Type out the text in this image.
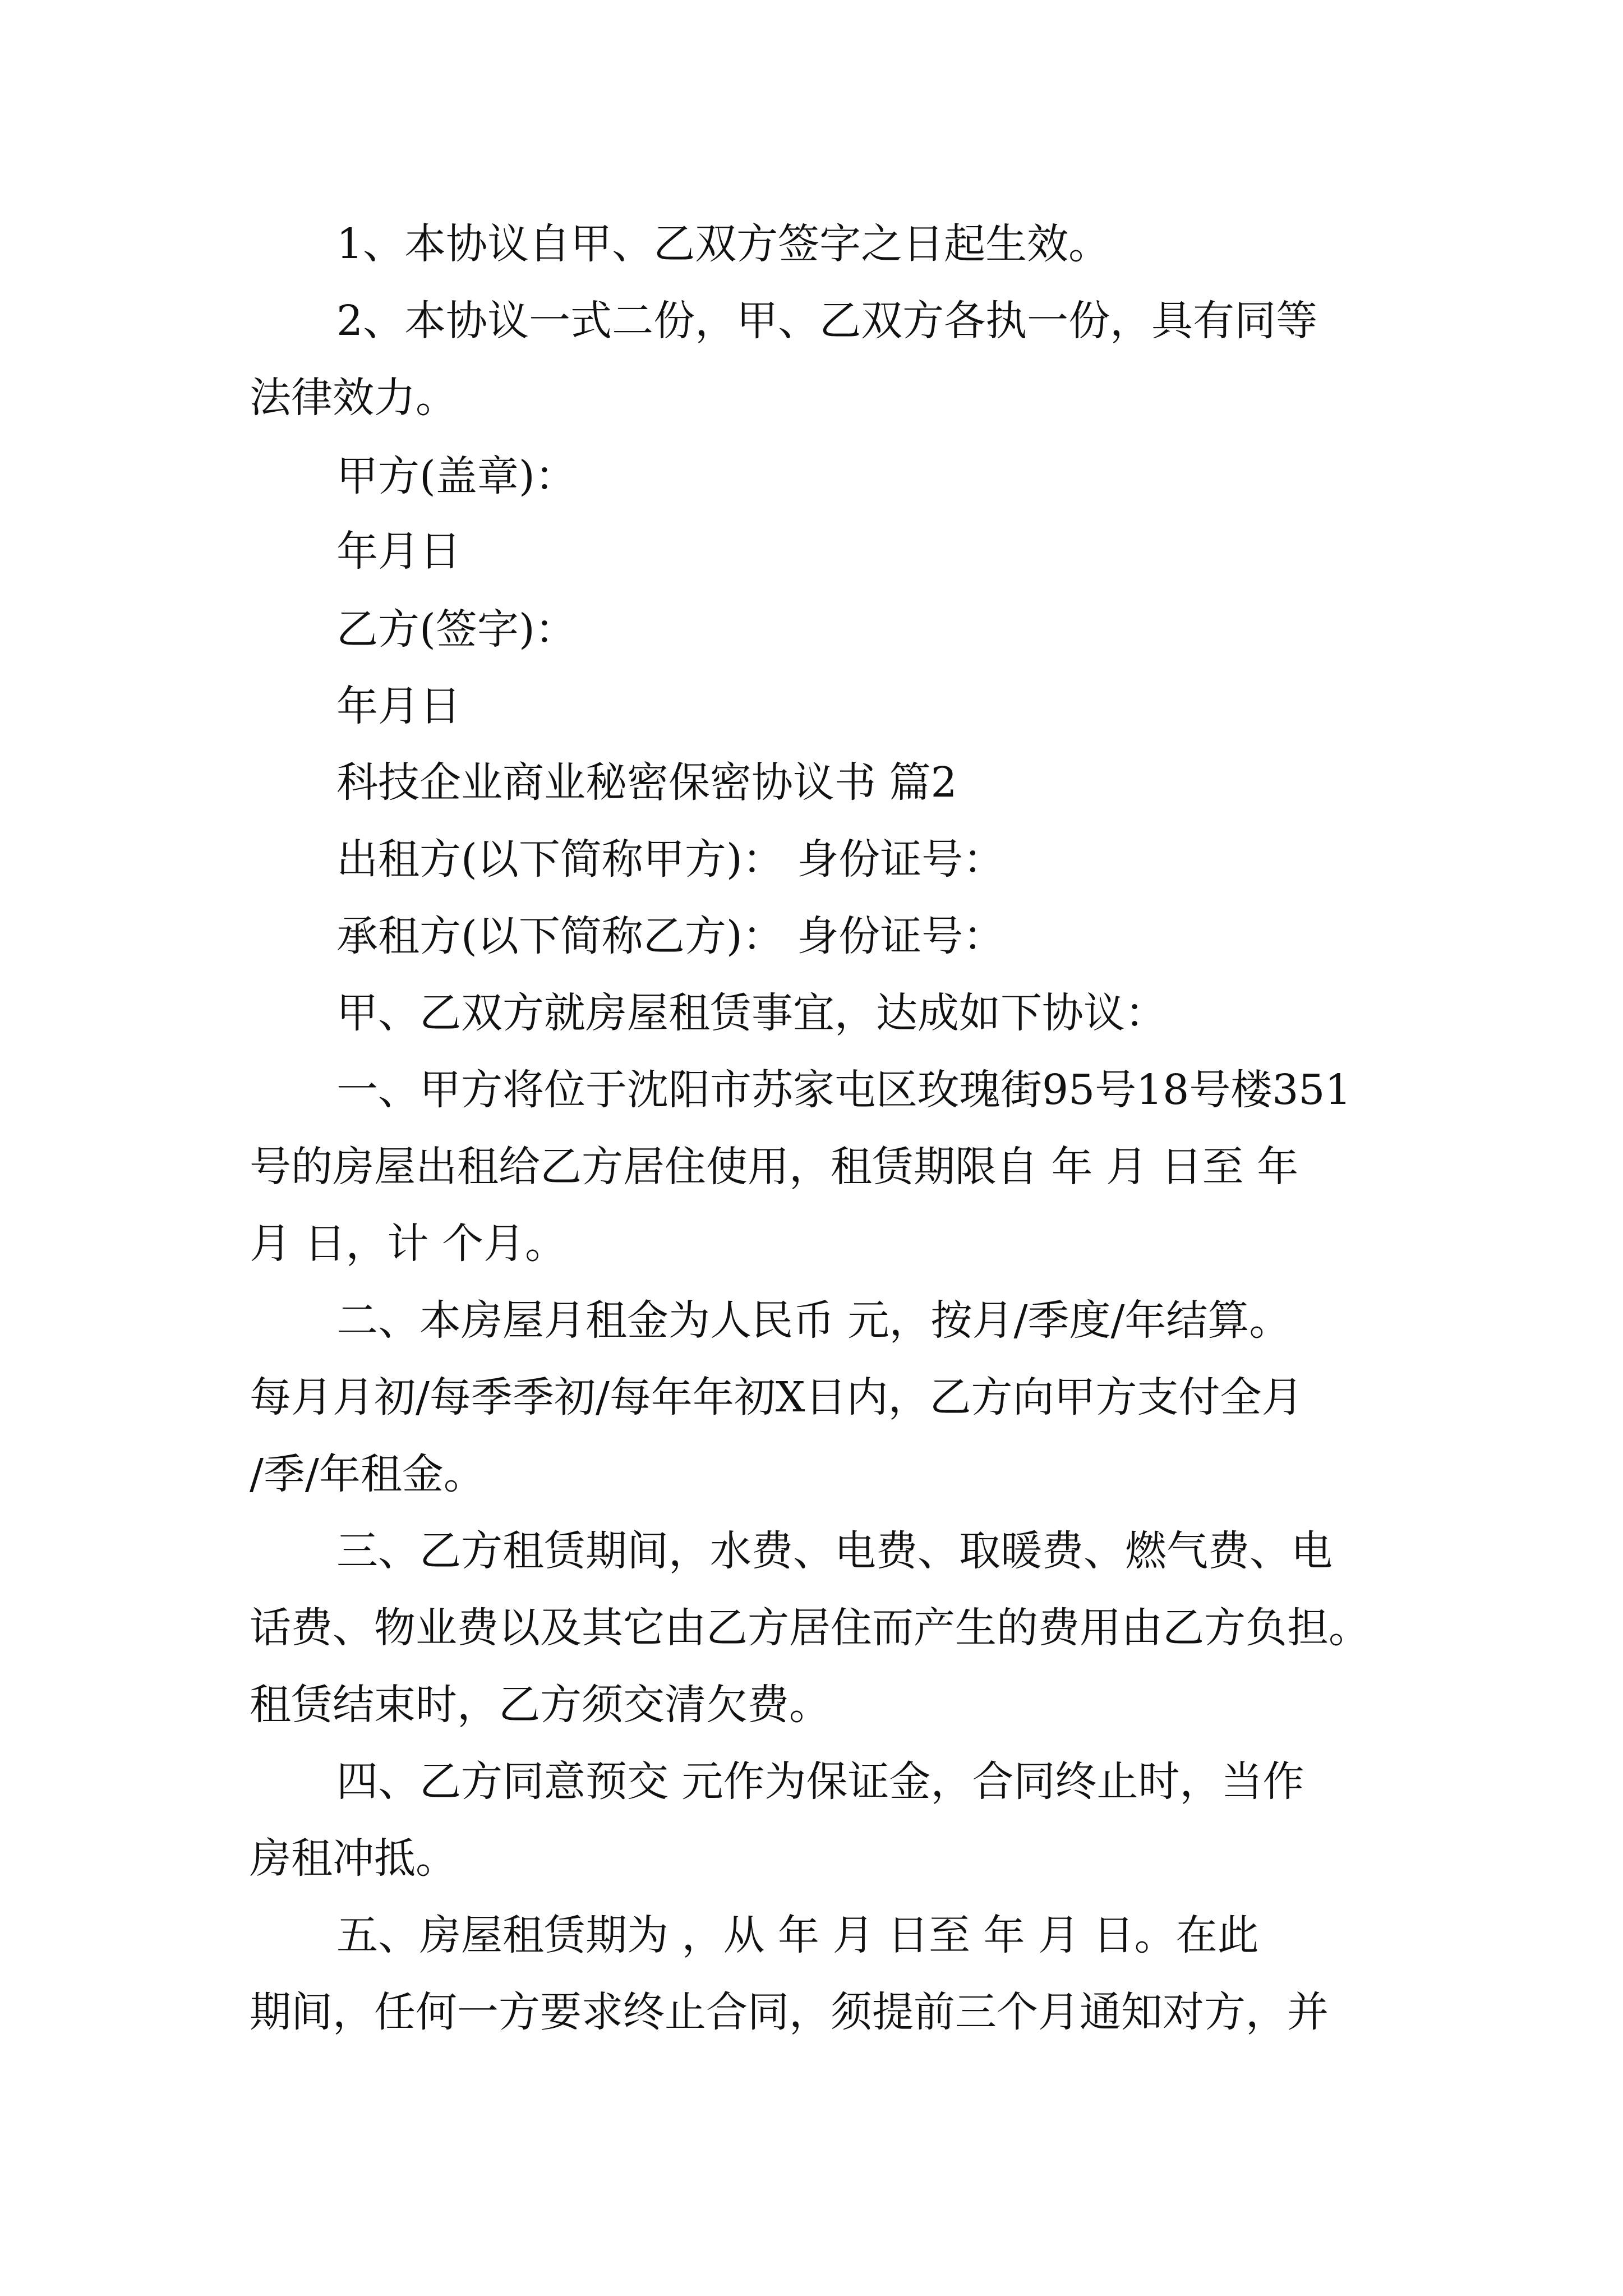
1、本协议自甲、乙双方签字之日起生效。
2、本协议一式二份，甲、乙双方各执一份，具有同等
法律效力。
甲方(盖章)：
年月日
乙方(签字)：
年月日
科技企业商业秘密保密协议书 篇2
出租方(以下简称甲方)： 身份证号：
承租方(以下简称乙方)： 身份证号：
甲、乙双方就房屋租赁事宜，达成如下协议：
一、甲方将位于沈阳市苏家屯区玫瑰街95号18号楼351
号的房屋出租给乙方居住使用，租赁期限自 年 月 日至 年
月 日，计 个月。
二、本房屋月租金为人民币 元，按月/季度/年结算。
每月月初/每季季初/每年年初X日内，乙方向甲方支付全月
/季/年租金。
三、乙方租赁期间，水费、电费、取暖费、燃气费、电
话费、物业费以及其它由乙方居住而产生的费用由乙方负担。
租赁结束时，乙方须交清欠费。
四、乙方同意预交 元作为保证金，合同终止时，当作
房租冲抵。
五、房屋租赁期为 ，从 年 月 日至 年 月 日。在此
期间，任何一方要求终止合同，须提前三个月通知对方，并
